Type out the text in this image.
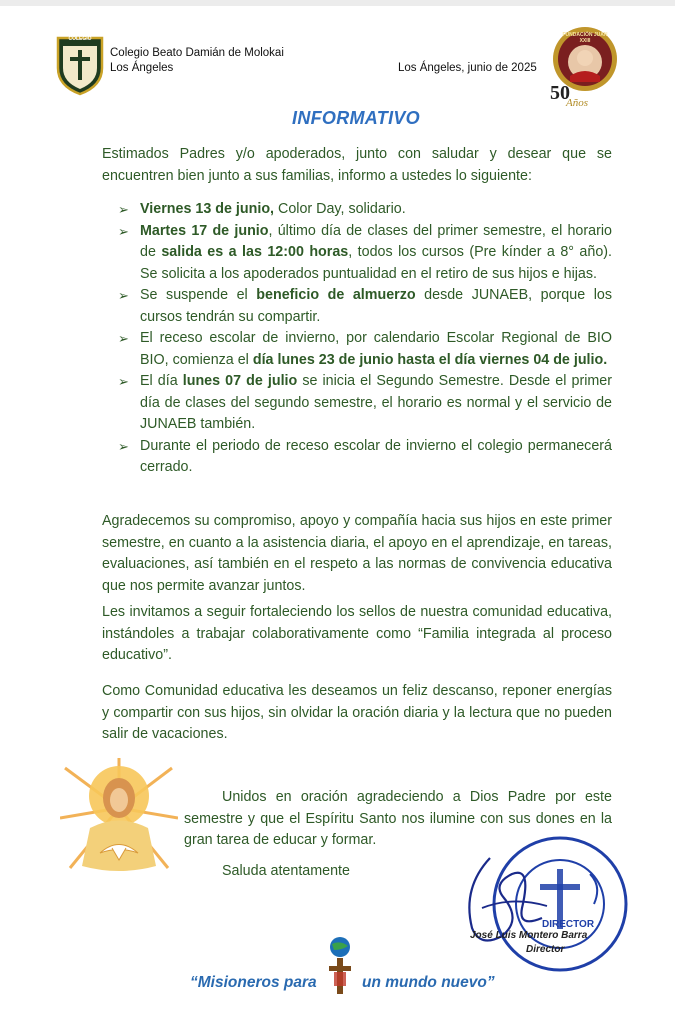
COLEGIO
Colegio Beato Damián de Molokai
Los Ángeles	Los Ángeles, junio de 2025
FUNDACIÓN JUAN XXIII
50
Años
INFORMATIVO
Estimados Padres y/o apoderados, junto con saludar y desear que se encuentren bien junto a sus familias, informo a ustedes lo siguiente:
➢ Viernes 13 de junio, Color Day, solidario.
➢ Martes 17 de junio, último día de clases del primer semestre, el horario de salida es a las 12:00 horas, todos los cursos (Pre kínder a 8° año). Se solicita a los apoderados puntualidad en el retiro de sus hijos e hijas.
➢ Se suspende el beneficio de almuerzo desde JUNAEB, porque los cursos tendrán su compartir.
➢ El receso escolar de invierno, por calendario Escolar Regional de BIO BIO, comienza el día lunes 23 de junio hasta el día viernes 04 de julio.
➢ El día lunes 07 de julio se inicia el Segundo Semestre. Desde el primer día de clases del segundo semestre, el horario es normal y el servicio de JUNAEB también.
➢ Durante el periodo de receso escolar de invierno el colegio permanecerá cerrado.
Agradecemos su compromiso, apoyo y compañía hacia sus hijos en este primer semestre, en cuanto a la asistencia diaria, el apoyo en el aprendizaje, en tareas, evaluaciones, así también en el respeto a las normas de convivencia educativa que nos permite avanzar juntos.
Les invitamos a seguir fortaleciendo los sellos de nuestra comunidad educativa, instándoles a trabajar colaborativamente como “Familia integrada al proceso educativo”.
Como Comunidad educativa les deseamos un feliz descanso, reponer energías y compartir con sus hijos, sin olvidar la oración diaria y la lectura que no pueden salir de vacaciones.
Unidos en oración agradeciendo a Dios Padre por este semestre y que el Espíritu Santo nos ilumine con sus dones en la gran tarea de educar y formar.
Saluda atentamente
DIRECTOR
José Luis Montero Barra
Director
“Misioneros para	un mundo nuevo”
